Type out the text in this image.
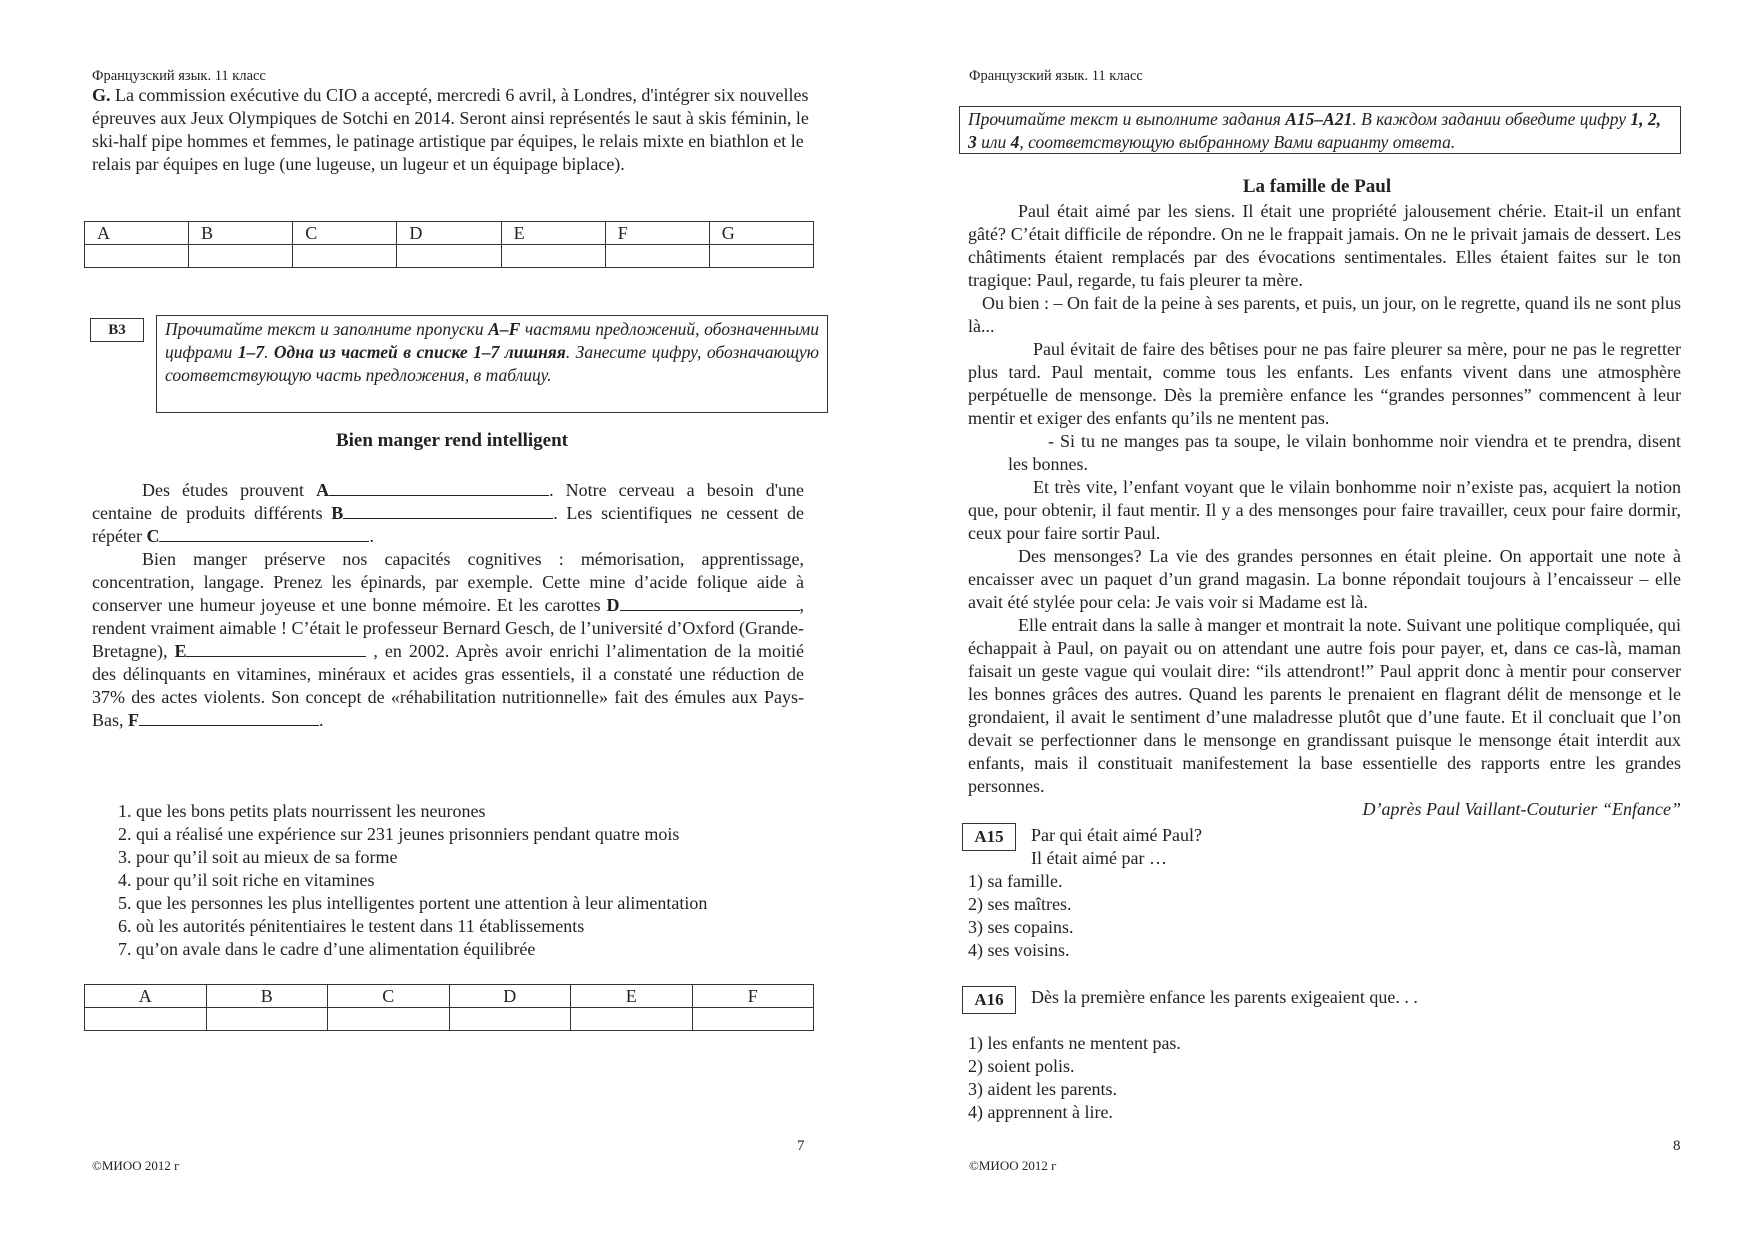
Французский язык. 11 класс
G. La commission exécutive du CIO a accepté, mercredi 6 avril, à Londres, d'intégrer six nouvelles épreuves aux Jeux Olympiques de Sotchi en 2014. Seront ainsi représentés le saut à skis féminin, le ski-half pipe hommes et femmes, le patinage artistique par équipes, le relais mixte en biathlon et le relais par équipes en luge (une lugeuse, un lugeur et un équipage biplace).
A	B	C	D	E	F	G

B3	Прочитайте текст и заполните пропуски A–F частями предложений, обозначенными цифрами 1–7. Одна из частей в списке 1–7 лишняя. Занесите цифру, обозначающую соответствующую часть предложения, в таблицу.
Bien manger rend intelligent

Des études prouvent A	. Notre cerveau a besoin d'une centaine de produits différents B	. Les scientifiques ne cessent de répéter C	.

Bien manger préserve nos capacités cognitives : mémorisation, apprentissage, concentration, langage. Prenez les épinards, par exemple. Cette mine d’acide folique aide à conserver une humeur joyeuse et une bonne mémoire. Et les carottes D	, rendent vraiment aimable ! C’était le professeur Bernard Gesch, de l’université d’Oxford (Grande-Bretagne), E	, en 2002. Après avoir enrichi l’alimentation de la moitié des délinquants en vitamines, minéraux et acides gras essentiels, il a constaté une réduction de 37% des actes violents. Son concept de «réhabilitation nutritionnelle» fait des émules aux Pays-Bas, F	.

1. que les bons petits plats nourrissent les neurones
2. qui a réalisé une expérience sur 231 jeunes prisonniers pendant quatre mois
3. pour qu’il soit au mieux de sa forme
4. pour qu’il soit riche en vitamines
5. que les personnes les plus intelligentes portent une attention à leur alimentation
6. où les autorités pénitentiaires le testent dans 11 établissements
7. qu’on avale dans le cadre d’une alimentation équilibrée
A	B	C	D	E	F

7
©МИОО 2012 г
Французский язык. 11 класс
Прочитайте текст и выполните задания A15–A21. В каждом задании обведите цифру 1, 2, 3 или 4, соответствующую выбранному Вами варианту ответа.
La famille de Paul

Paul était aimé par les siens. Il était une propriété jalousement chérie. Etait-il un enfant gâté? C’était difficile de répondre. On ne le frappait jamais. On ne le privait jamais de dessert. Les châtiments étaient remplacés par des évocations sentimentales. Elles étaient faites sur le ton tragique: Paul, regarde, tu fais pleurer ta mère.

Ou bien : – On fait de la peine à ses parents, et puis, un jour, on le regrette, quand ils ne sont plus là...

Paul évitait de faire des bêtises pour ne pas faire pleurer sa mère, pour ne pas le regretter plus tard. Paul mentait, comme tous les enfants. Les enfants vivent dans une atmosphère perpétuelle de mensonge. Dès la première enfance les “grandes personnes” commencent à leur mentir et exiger des enfants qu’ils ne mentent pas.

- Si tu ne manges pas ta soupe, le vilain bonhomme noir viendra et te prendra, disent les bonnes.

Et très vite, l’enfant voyant que le vilain bonhomme noir n’existe pas, acquiert la notion que, pour obtenir, il faut mentir. Il y a des mensonges pour faire travailler, ceux pour faire dormir, ceux pour faire sortir Paul.

Des mensonges? La vie des grandes personnes en était pleine. On apportait une note à encaisser avec un paquet d’un grand magasin. La bonne répondait toujours à l’encaisseur – elle avait été stylée pour cela: Je vais voir si Madame est là.

Elle entrait dans la salle à manger et montrait la note. Suivant une politique compliquée, qui échappait à Paul, on payait ou on attendant une autre fois pour payer, et, dans ce cas-là, maman faisait un geste vague qui voulait dire: “ils attendront!” Paul apprit donc à mentir pour conserver les bonnes grâces des autres. Quand les parents le prenaient en flagrant délit de mensonge et le grondaient, il avait le sentiment d’une maladresse plutôt que d’une faute. Et il concluait que l’on devait se perfectionner dans le mensonge en grandissant puisque le mensonge était interdit aux enfants, mais il constituait manifestement la base essentielle des rapports entre les grandes personnes.

D’après Paul Vaillant-Couturier “Enfance”

A15	Par qui était aimé Paul?
Il était aimé par …
1) sa famille.
2) ses maîtres.
3) ses copains.
4) ses voisins.
A16	Dès la première enfance les parents exigeaient que. . .
1) les enfants ne mentent pas.
2) soient polis.
3) aident les parents.
4) apprennent à lire.
8
©МИОО 2012 г
